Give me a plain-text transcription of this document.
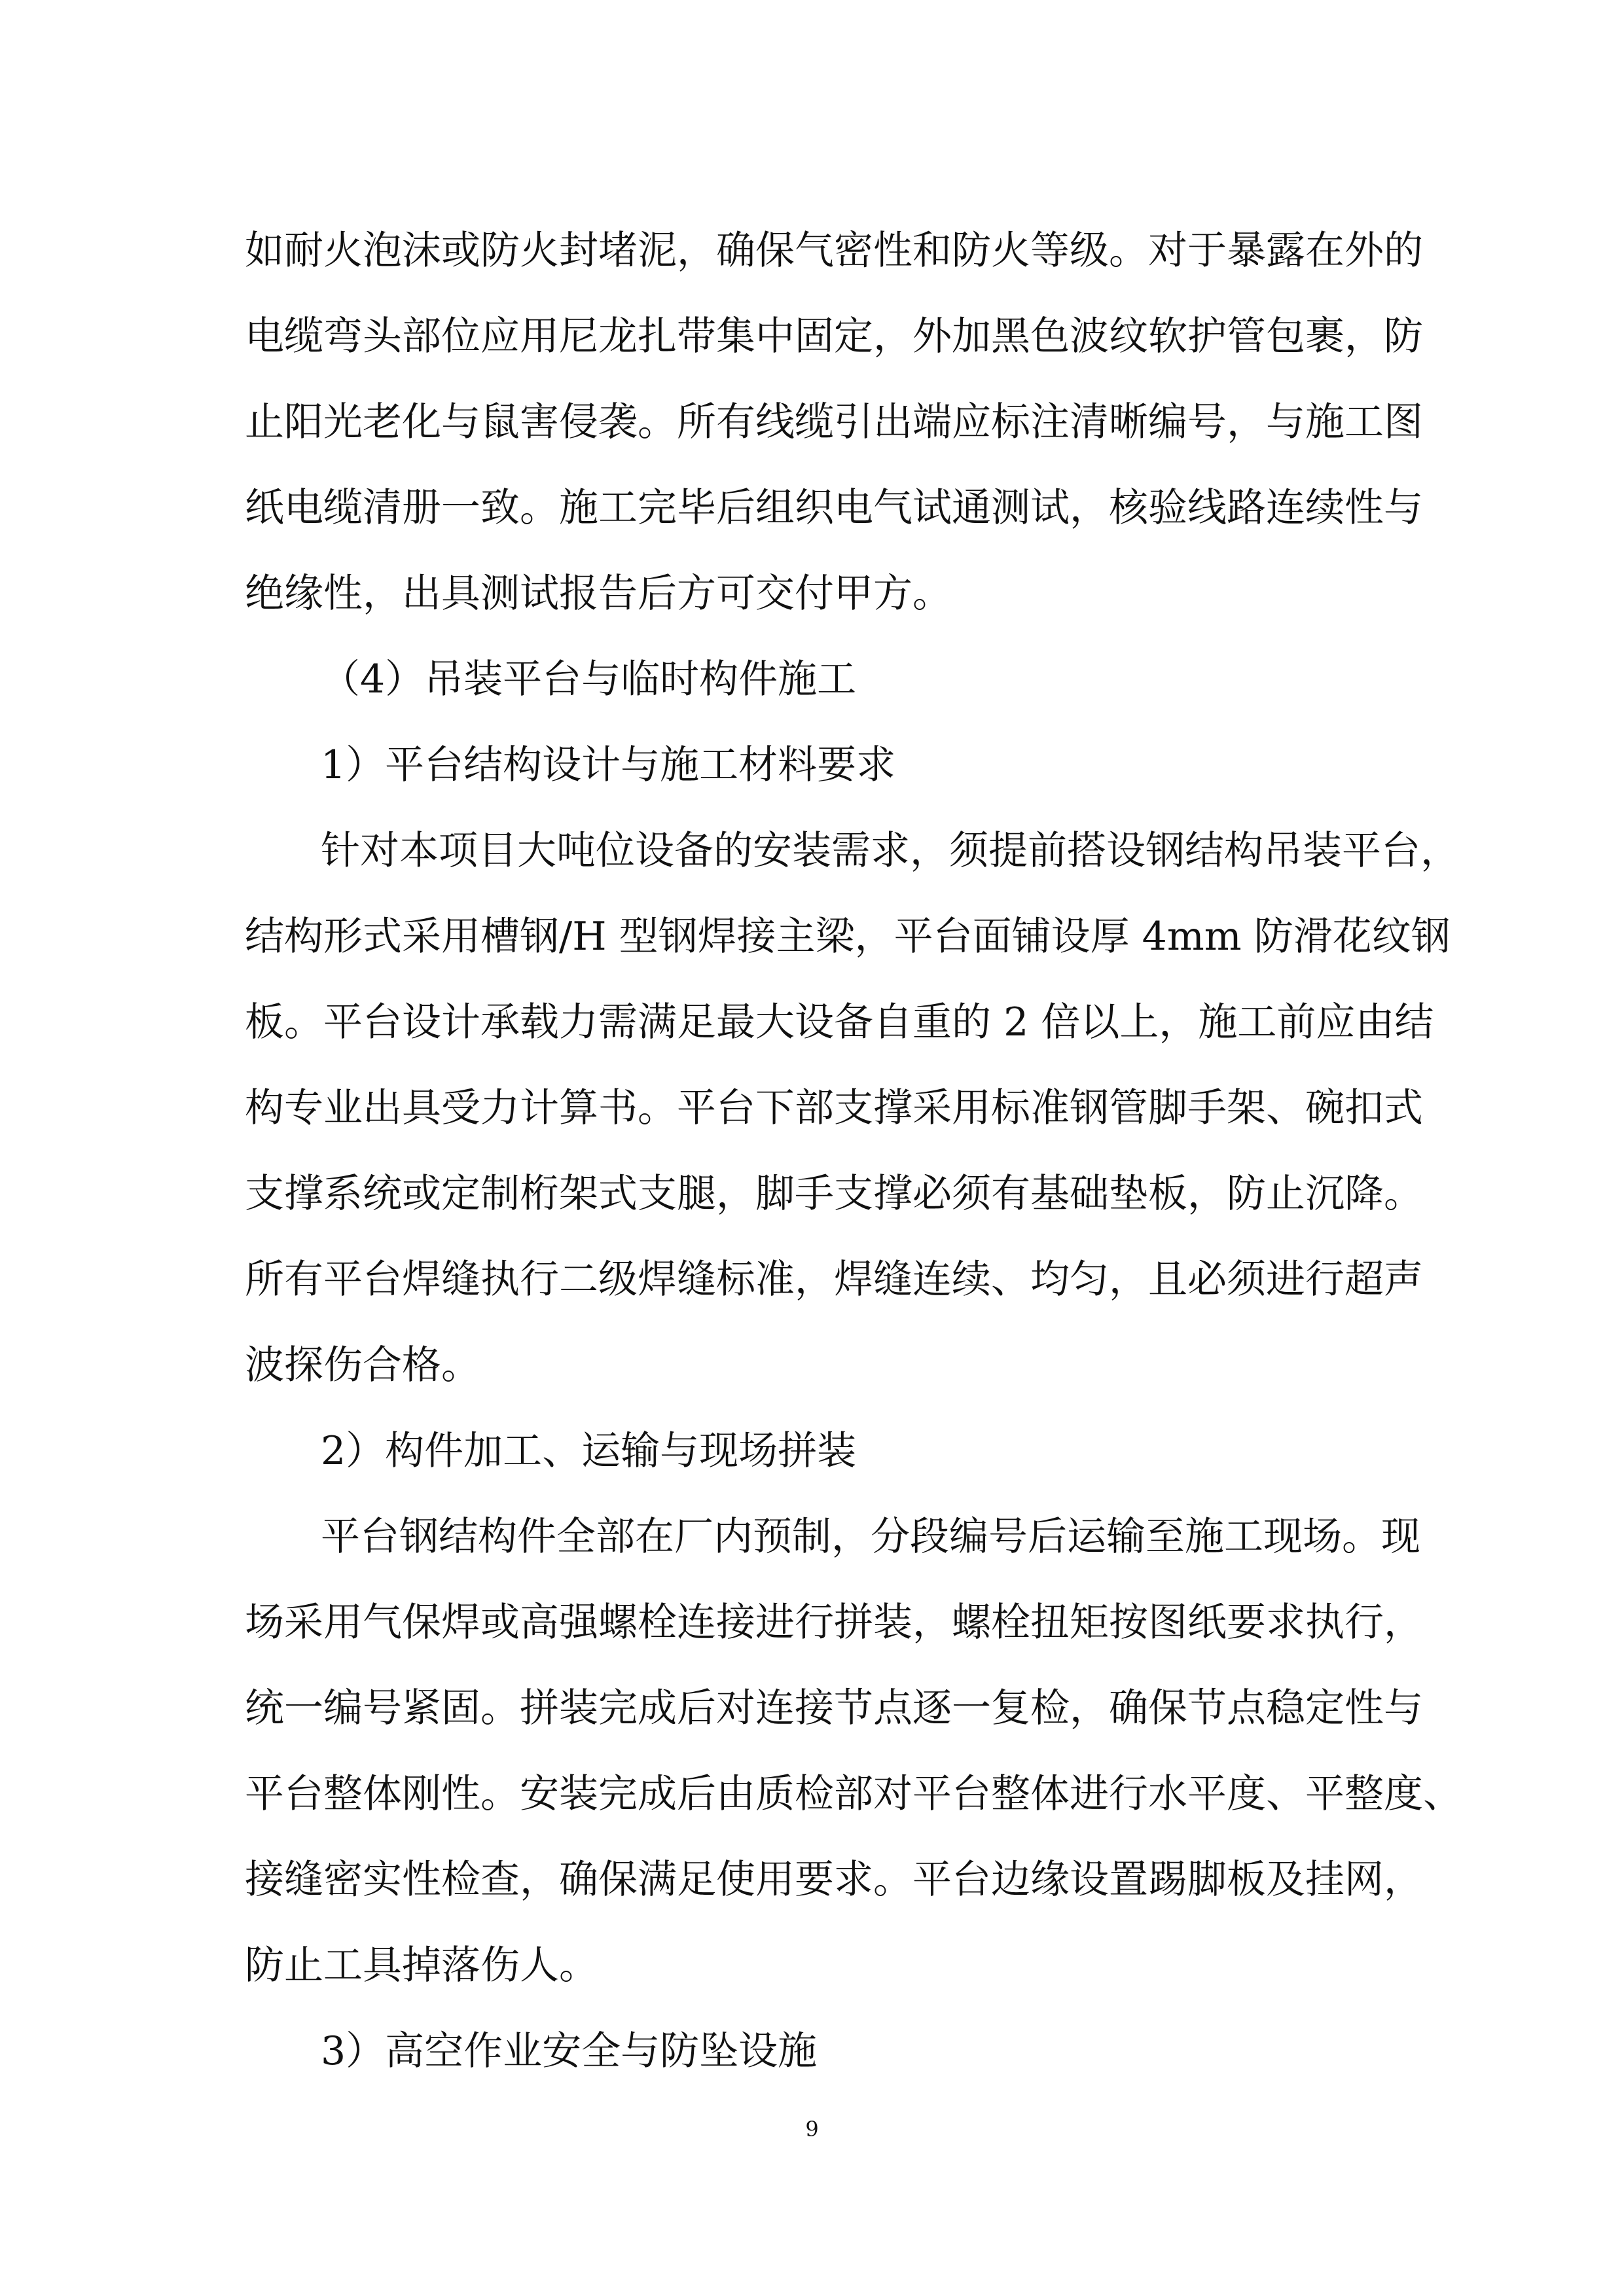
如耐火泡沫或防火封堵泥，确保气密性和防火等级。对于暴露在外的
电缆弯头部位应用尼龙扎带集中固定，外加黑色波纹软护管包裹，防
止阳光老化与鼠害侵袭。所有线缆引出端应标注清晰编号，与施工图
纸电缆清册一致。施工完毕后组织电气试通测试，核验线路连续性与
绝缘性，出具测试报告后方可交付甲方。
（4）吊装平台与临时构件施工
1）平台结构设计与施工材料要求
针对本项目大吨位设备的安装需求，须提前搭设钢结构吊装平台，
结构形式采用槽钢/H 型钢焊接主梁，平台面铺设厚 4mm 防滑花纹钢
板。平台设计承载力需满足最大设备自重的 2 倍以上，施工前应由结
构专业出具受力计算书。平台下部支撑采用标准钢管脚手架、碗扣式
支撑系统或定制桁架式支腿，脚手支撑必须有基础垫板，防止沉降。
所有平台焊缝执行二级焊缝标准，焊缝连续、均匀，且必须进行超声
波探伤合格。
2）构件加工、运输与现场拼装
平台钢结构件全部在厂内预制，分段编号后运输至施工现场。现
场采用气保焊或高强螺栓连接进行拼装，螺栓扭矩按图纸要求执行，
统一编号紧固。拼装完成后对连接节点逐一复检，确保节点稳定性与
平台整体刚性。安装完成后由质检部对平台整体进行水平度、平整度、
接缝密实性检查，确保满足使用要求。平台边缘设置踢脚板及挂网，
防止工具掉落伤人。
3）高空作业安全与防坠设施
9
